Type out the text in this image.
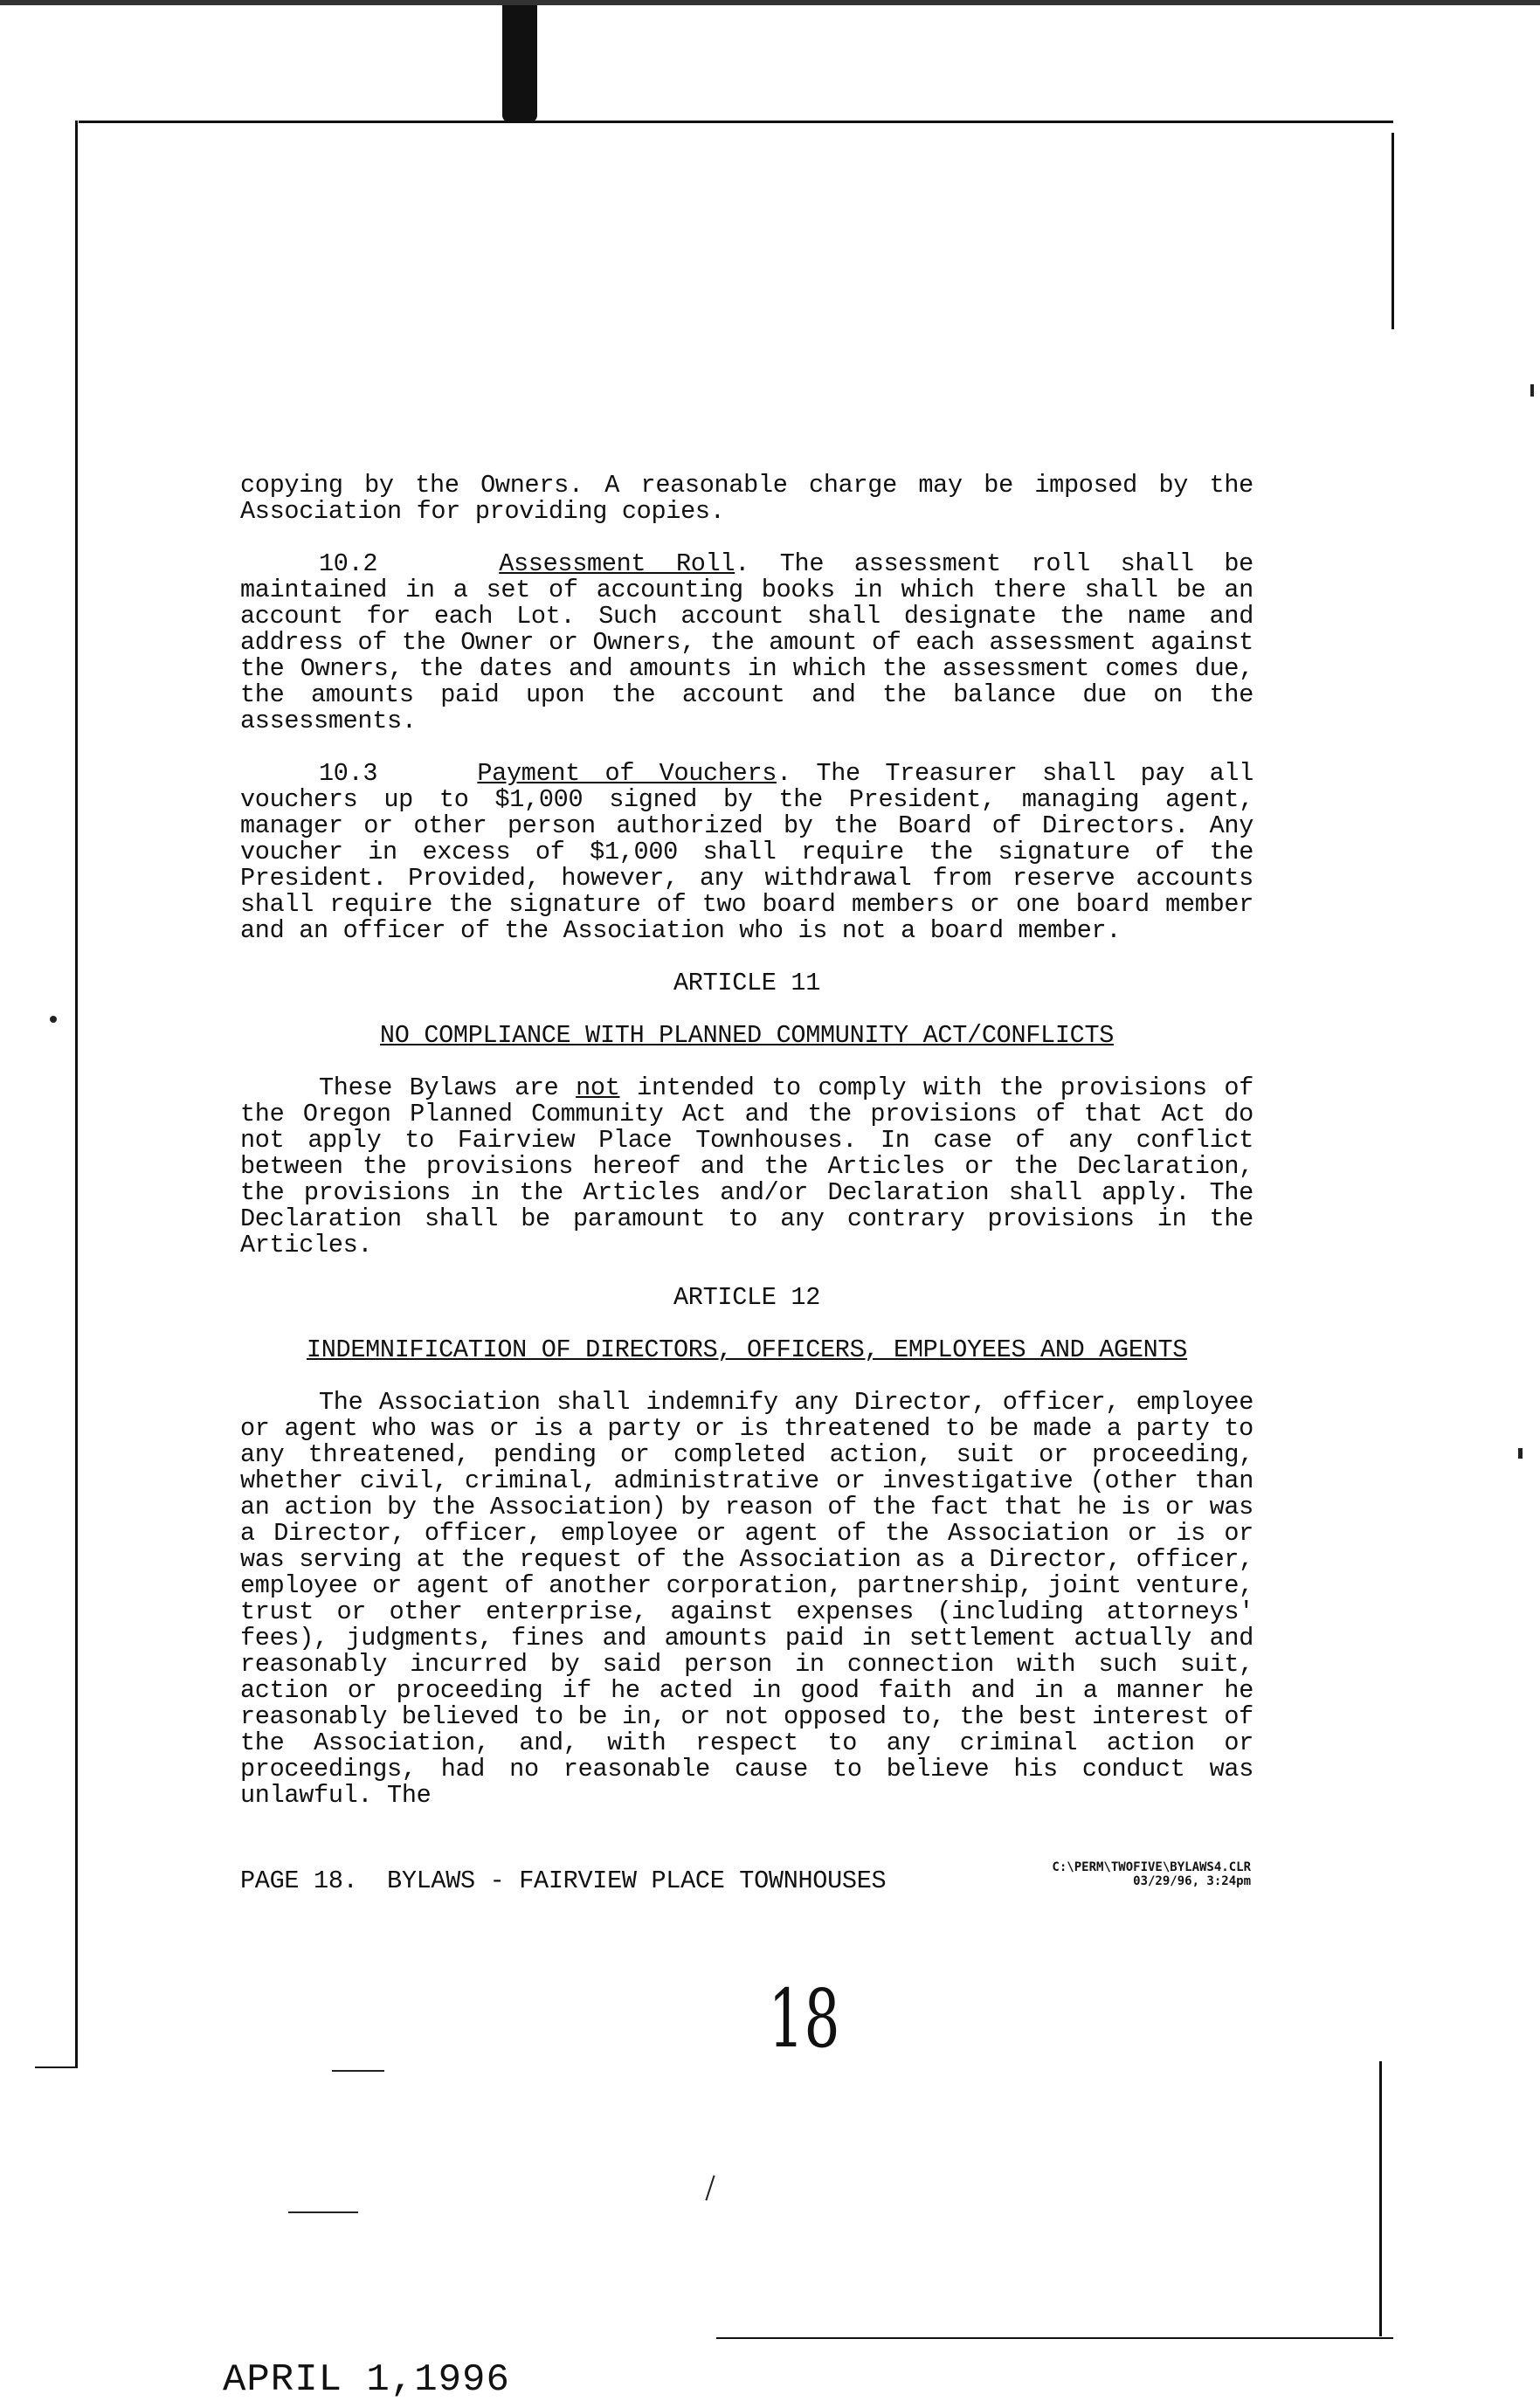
copying by the Owners. A reasonable charge may be imposed by the Association for providing copies.

10.2	Assessment Roll. The assessment roll shall be maintained in a set of accounting books in which there shall be an account for each Lot. Such account shall designate the name and address of the Owner or Owners, the amount of each assessment against the Owners, the dates and amounts in which the assessment comes due, the amounts paid upon the account and the balance due on the assessments.

10.3	Payment of Vouchers. The Treasurer shall pay all vouchers up to $1,000 signed by the President, managing agent, manager or other person authorized by the Board of Directors. Any voucher in excess of $1,000 shall require the signature of the President. Provided, however, any withdrawal from reserve accounts shall require the signature of two board members or one board member and an officer of the Association who is not a board member.

ARTICLE 11

NO COMPLIANCE WITH PLANNED COMMUNITY ACT/CONFLICTS

These Bylaws are not intended to comply with the provisions of the Oregon Planned Community Act and the provisions of that Act do not apply to Fairview Place Townhouses. In case of any conflict between the provisions hereof and the Articles or the Declaration, the provisions in the Articles and/or Declaration shall apply. The Declaration shall be paramount to any contrary provisions in the Articles.

ARTICLE 12

INDEMNIFICATION OF DIRECTORS, OFFICERS, EMPLOYEES AND AGENTS

The Association shall indemnify any Director, officer, employee or agent who was or is a party or is threatened to be made a party to any threatened, pending or completed action, suit or proceeding, whether civil, criminal, administrative or investigative (other than an action by the Association) by reason of the fact that he is or was a Director, officer, employee or agent of the Association or is or was serving at the request of the Association as a Director, officer, employee or agent of another corporation, partnership, joint venture, trust or other enterprise, against expenses (including attorneys' fees), judgments, fines and amounts paid in settlement actually and reasonably incurred by said person in connection with such suit, action or proceeding if he acted in good faith and in a manner he reasonably believed to be in, or not opposed to, the best interest of the Association, and, with respect to any criminal action or proceedings, had no reasonable cause to believe his conduct was unlawful. The

PAGE 18.  BYLAWS - FAIRVIEW PLACE TOWNHOUSES	C:\PERM\TWOFIVE\BYLAWS4.CLR
03/29/96, 3:24pm
18
APRIL 1,1996
